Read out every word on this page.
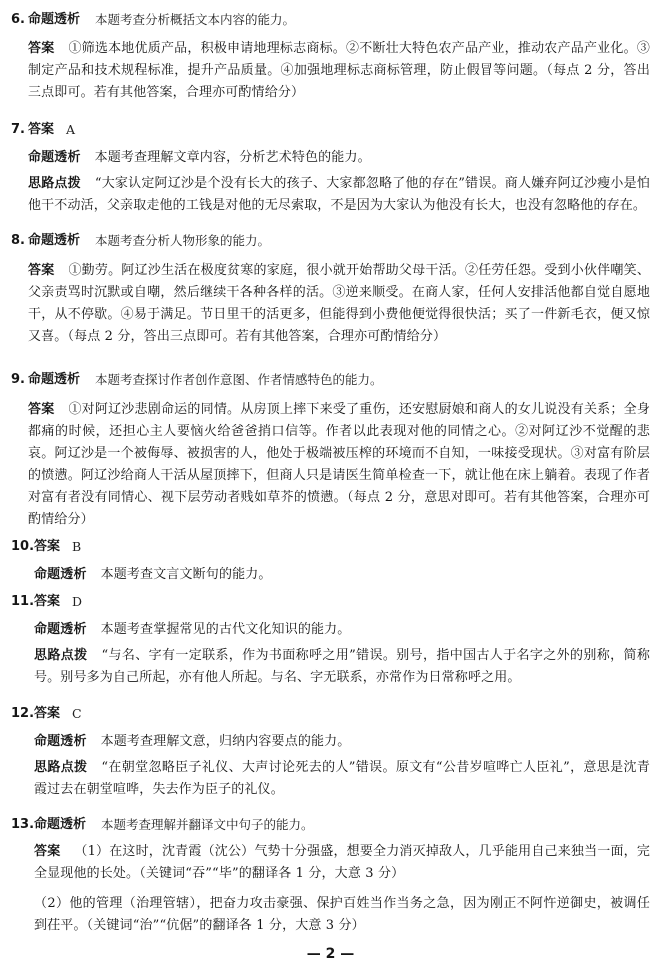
6. 命题透析 本题考查分析概括文本内容的能力。
答案 ①筛选本地优质产品，积极申请地理标志商标。②不断壮大特色农产品产业，推动农产品产业化。③制定产品和技术规程标准，提升产品质量。④加强地理标志商标管理，防止假冒等问题。（每点 2 分，答出三点即可。若有其他答案，合理亦可酌情给分）
7. 答案 A
命题透析 本题考查理解文章内容，分析艺术特色的能力。
思路点拨 “大家认定阿辽沙是个没有长大的孩子、大家都忽略了他的存在”错误。商人嫌弃阿辽沙瘦小是怕他干不动活，父亲取走他的工钱是对他的无尽索取，不是因为大家认为他没有长大，也没有忽略他的存在。
8. 命题透析 本题考查分析人物形象的能力。
答案 ①勤劳。阿辽沙生活在极度贫寒的家庭，很小就开始帮助父母干活。②任劳任怨。受到小伙伴嘲笑、父亲责骂时沉默或自嘲，然后继续干各种各样的活。③逆来顺受。在商人家，任何人安排活他都自觉自愿地干，从不停歇。④易于满足。节日里干的活更多，但能得到小费他便觉得很快活；买了一件新毛衣，便又惊又喜。（每点 2 分，答出三点即可。若有其他答案，合理亦可酌情给分）
9. 命题透析 本题考查探讨作者创作意图、作者情感特色的能力。
答案 ①对阿辽沙悲剧命运的同情。从房顶上摔下来受了重伤，还安慰厨娘和商人的女儿说没有关系；全身都痛的时候，还担心主人要恼火给爸爸捎口信等。作者以此表现对他的同情之心。②对阿辽沙不觉醒的悲哀。阿辽沙是一个被侮辱、被损害的人，他处于极端被压榨的环境而不自知，一味接受现状。③对富有阶层的愤懑。阿辽沙给商人干活从屋顶摔下，但商人只是请医生简单检查一下，就让他在床上躺着。表现了作者对富有者没有同情心、视下层劳动者贱如草芥的愤懑。（每点 2 分，意思对即可。若有其他答案，合理亦可酌情给分）
10. 答案 B
命题透析 本题考查文言文断句的能力。
11. 答案 D
命题透析 本题考查掌握常见的古代文化知识的能力。
思路点拨 “与名、字有一定联系，作为书面称呼之用”错误。别号，指中国古人于名字之外的别称，简称号。别号多为自己所起，亦有他人所起。与名、字无联系，亦常作为日常称呼之用。
12. 答案 C
命题透析 本题考查理解文意，归纳内容要点的能力。
思路点拨 “在朝堂忽略臣子礼仪、大声讨论死去的人”错误。原文有“公昔岁喧哗亡人臣礼”，意思是沈青霞过去在朝堂喧哗，失去作为臣子的礼仪。
13. 命题透析 本题考查理解并翻译文中句子的能力。
答案 （1）在这时，沈青霞（沈公）气势十分强盛，想要全力消灭掉敌人，几乎能用自己来独当一面，完全显现他的长处。（关键词“吞”“毕”的翻译各 1 分，大意 3 分）
（2）他的管理（治理管辖），把奋力攻击豪强、保护百姓当作当务之急，因为刚正不阿忤逆御史，被调任到茌平。（关键词“治”“伉倨”的翻译各 1 分，大意 3 分）
— 2 —
